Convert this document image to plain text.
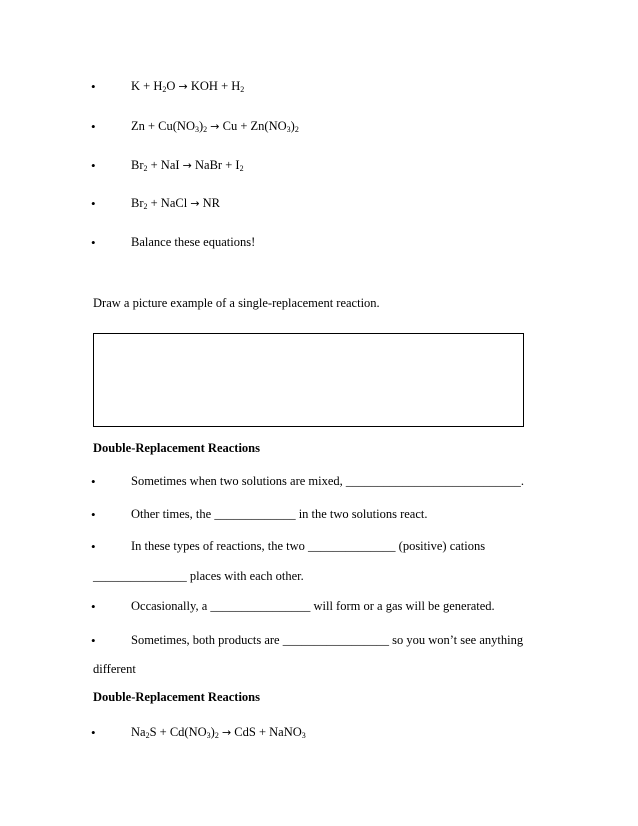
•	$K + H_2O$ → KOH + $H_2$
•	$Zn + Cu(NO_3)_2 \to Cu + Zn(NO_3)_2$
•	$Br_2$ + NaI → NaBr + $I_2$
•	$Br_2$ + NaCl → NR
•	Balance these equations!
Draw a picture example of a single-replacement reaction.
Double-Replacement Reactions
•	Sometimes when two solutions are mixed, ____________________________.
•	Other times, the _____________ in the two solutions react.
•	In these types of reactions, the two ______________ (positive) cations
_______________ places with each other.
•	Occasionally, a ________________ will form or a gas will be generated.
•	Sometimes, both products are _________________ so you won’t see anything
different
Double-Replacement Reactions
•	$Na_2S + Cd(NO_3)_2$ → CdS + NaNO$_3$
